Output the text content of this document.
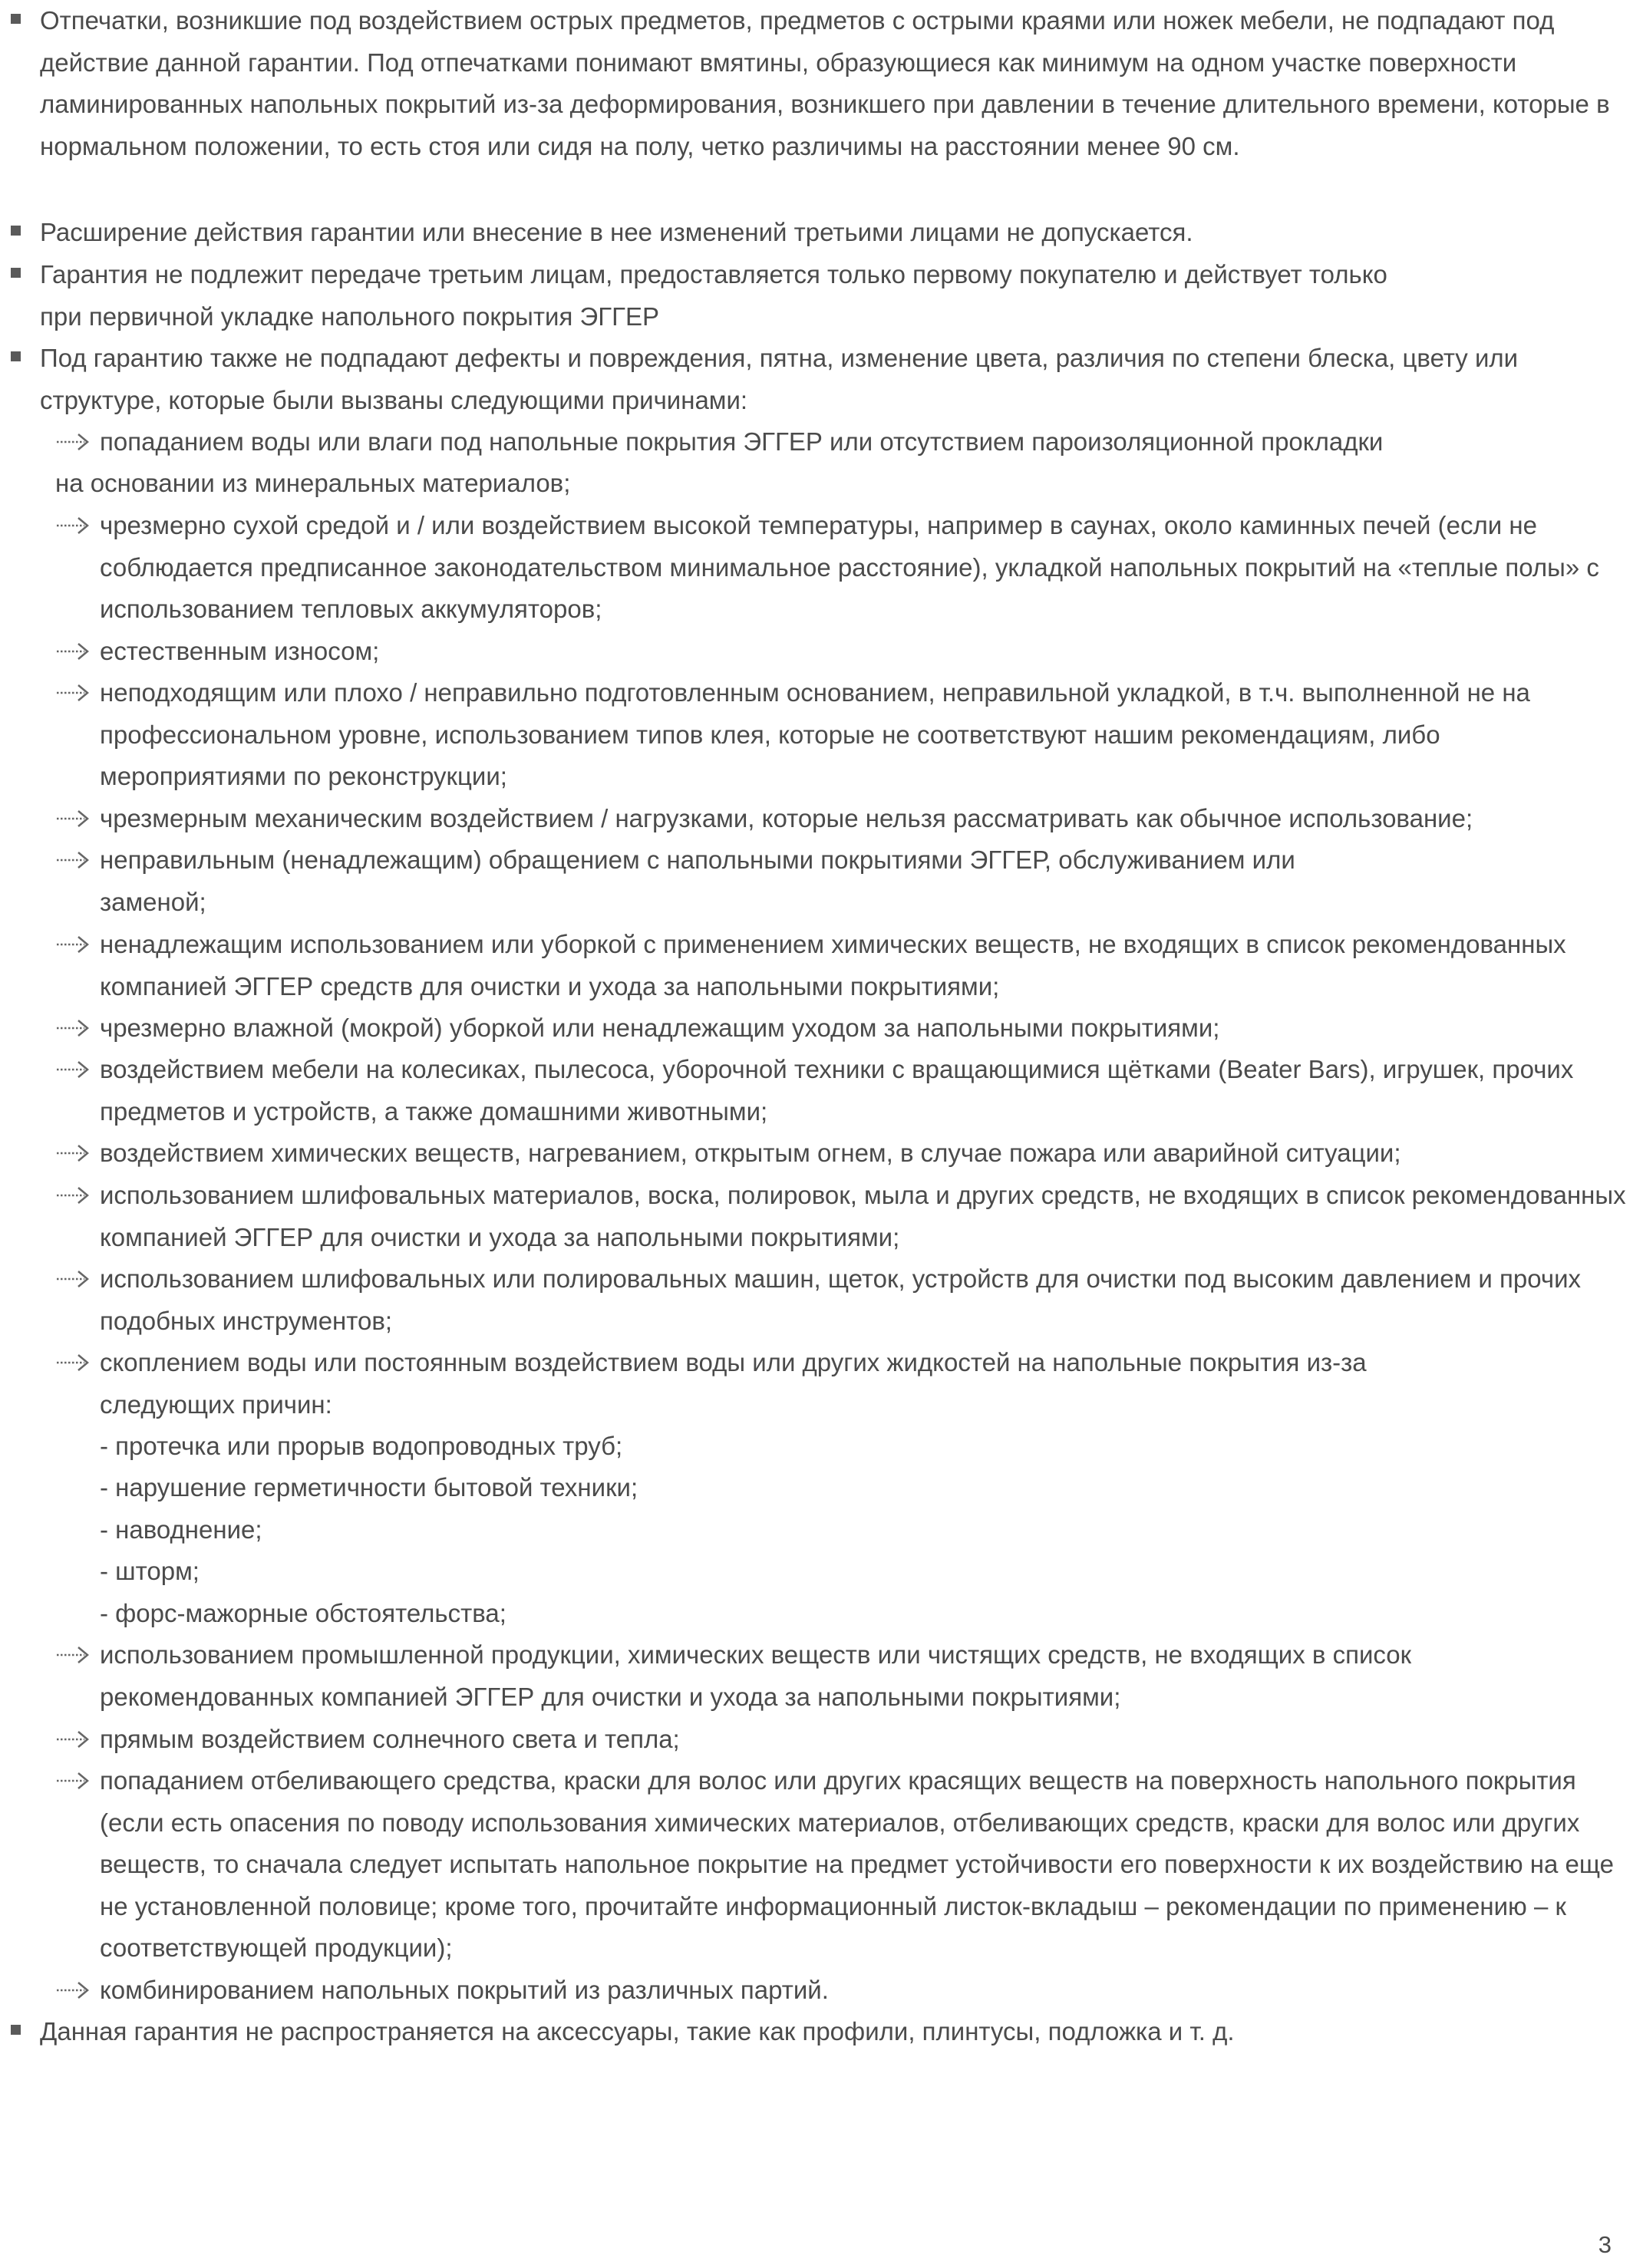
Отпечатки, возникшие под воздействием острых предметов, предметов с острыми краями или ножек мебели, не подпадают под действие данной гарантии. Под отпечатками понимают вмятины, образующиеся как минимум на одном участке поверхности ламинированных напольных покрытий из-за деформирования, возникшего при давлении в течение длительного времени, которые в нормальном положении, то есть стоя или сидя на полу, четко различимы на расстоянии менее 90 см.
Расширение действия гарантии или внесение в нее изменений третьими лицами не допускается.
Гарантия не подлежит передаче третьим лицам, предоставляется только первому покупателю и действует только
при первичной укладке напольного покрытия ЭГГЕР
Под гарантию также не подпадают дефекты и повреждения, пятна, изменение цвета, различия по степени блеска, цвету или структуре, которые были вызваны следующими причинами:
попаданием воды или влаги под напольные покрытия ЭГГЕР или отсутствием пароизоляционной прокладки
на основании из минеральных материалов;
чрезмерно сухой средой и / или воздействием высокой температуры, например в саунах, около каминных печей (если не соблюдается предписанное законодательством минимальное расстояние), укладкой напольных покрытий на «теплые полы» с использованием тепловых аккумуляторов;
естественным износом;
неподходящим или плохо / неправильно подготовленным основанием, неправильной укладкой, в т.ч. выполненной не на профессиональном уровне, использованием типов клея, которые не соответствуют нашим рекомендациям, либо мероприятиями по реконструкции;
чрезмерным механическим воздействием / нагрузками, которые нельзя рассматривать как обычное использование;
неправильным (ненадлежащим) обращением с напольными покрытиями ЭГГЕР, обслуживанием или заменой;
ненадлежащим использованием или уборкой с применением химических веществ, не входящих в список рекомендованных компанией ЭГГЕР средств для очистки и ухода за напольными покрытиями;
чрезмерно влажной (мокрой) уборкой или ненадлежащим уходом за напольными покрытиями;
воздействием мебели на колесиках, пылесоса, уборочной техники с вращающимися щётками (Beater Bars), игрушек, прочих предметов и устройств, а также домашними животными;
воздействием химических веществ, нагреванием, открытым огнем, в случае пожара или аварийной ситуации;
использованием шлифовальных материалов, воска, полировок, мыла и других средств, не входящих в список рекомендованных компанией ЭГГЕР для очистки и ухода за напольными покрытиями;
использованием шлифовальных или полировальных машин, щеток, устройств для очистки под высоким давлением и прочих подобных инструментов;
скоплением воды или постоянным воздействием воды или других жидкостей на напольные покрытия из-за следующих причин:
- протечка или прорыв водопроводных труб;
- нарушение герметичности бытовой техники;
- наводнение;
- шторм;
- форс-мажорные обстоятельства;
использованием промышленной продукции, химических веществ или чистящих средств, не входящих в список рекомендованных компанией ЭГГЕР для очистки и ухода за напольными покрытиями;
прямым воздействием солнечного света и тепла;
попаданием отбеливающего средства, краски для волос или других красящих веществ на поверхность напольного покрытия (если есть опасения по поводу использования химических материалов, отбеливающих средств, краски для волос или других веществ, то сначала следует испытать напольное покрытие на предмет устойчивости его поверхности к их воздействию на еще не установленной половице; кроме того, прочитайте информационный листок-вкладыш – рекомендации по применению – к соответствующей продукции);
комбинированием напольных покрытий из различных партий.
Данная гарантия не распространяется на аксессуары, такие как профили, плинтусы, подложка и т. д.
3
